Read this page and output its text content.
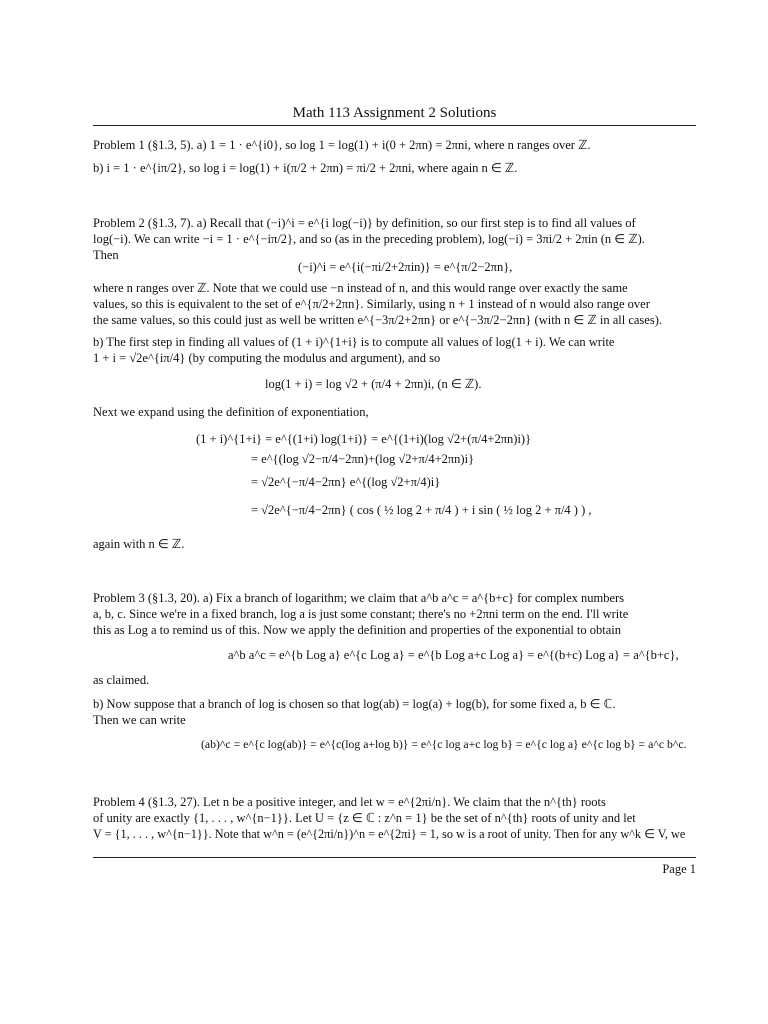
Math 113 Assignment 2 Solutions
Problem 1 (§1.3, 5). a) 1 = 1 · e^{i0}, so log 1 = log(1) + i(0 + 2πn) = 2πni, where n ranges over ℤ.
b) i = 1 · e^{iπ/2}, so log i = log(1) + i(π/2 + 2πn) = πi/2 + 2πni, where again n ∈ ℤ.
Problem 2 (§1.3, 7). a) Recall that (−i)^i = e^{i log(−i)} by definition, so our first step is to find all values of
log(−i). We can write −i = 1 · e^{−iπ/2}, and so (as in the preceding problem), log(−i) = 3πi/2 + 2πin (n ∈ ℤ).
Then
(−i)^i = e^{i(−πi/2+2πin)} = e^{π/2−2πn},
where n ranges over ℤ. Note that we could use −n instead of n, and this would range over exactly the same
values, so this is equivalent to the set of e^{π/2+2πn}. Similarly, using n + 1 instead of n would also range over
the same values, so this could just as well be written e^{−3π/2+2πn} or e^{−3π/2−2πn} (with n ∈ ℤ in all cases).
b) The first step in finding all values of (1 + i)^{1+i} is to compute all values of log(1 + i). We can write
1 + i = √2e^{iπ/4} (by computing the modulus and argument), and so
log(1 + i) = log √2 + (π/4 + 2πn)i, (n ∈ ℤ).
Next we expand using the definition of exponentiation,
(1 + i)^{1+i} = e^{(1+i) log(1+i)} = e^{(1+i)(log √2+(π/4+2πn)i)}
= e^{(log √2−π/4−2πn)+(log √2+π/4+2πn)i}
= √2e^{−π/4−2πn} e^{(log √2+π/4)i}
= √2e^{−π/4−2πn} ( cos ( ½ log 2 + π/4 ) + i sin ( ½ log 2 + π/4 ) ) ,
again with n ∈ ℤ.
Problem 3 (§1.3, 20). a) Fix a branch of logarithm; we claim that a^b a^c = a^{b+c} for complex numbers
a, b, c. Since we're in a fixed branch, log a is just some constant; there's no +2πni term on the end. I'll write
this as Log a to remind us of this. Now we apply the definition and properties of the exponential to obtain
a^b a^c = e^{b Log a} e^{c Log a} = e^{b Log a+c Log a} = e^{(b+c) Log a} = a^{b+c},
as claimed.
b) Now suppose that a branch of log is chosen so that log(ab) = log(a) + log(b), for some fixed a, b ∈ ℂ.
Then we can write
(ab)^c = e^{c log(ab)} = e^{c(log a+log b)} = e^{c log a+c log b} = e^{c log a} e^{c log b} = a^c b^c.
Problem 4 (§1.3, 27). Let n be a positive integer, and let w = e^{2πi/n}. We claim that the n^{th} roots
of unity are exactly {1, . . . , w^{n−1}}. Let U = {z ∈ ℂ : z^n = 1} be the set of n^{th} roots of unity and let
V = {1, . . . , w^{n−1}}. Note that w^n = (e^{2πi/n})^n = e^{2πi} = 1, so w is a root of unity. Then for any w^k ∈ V, we
Page 1
